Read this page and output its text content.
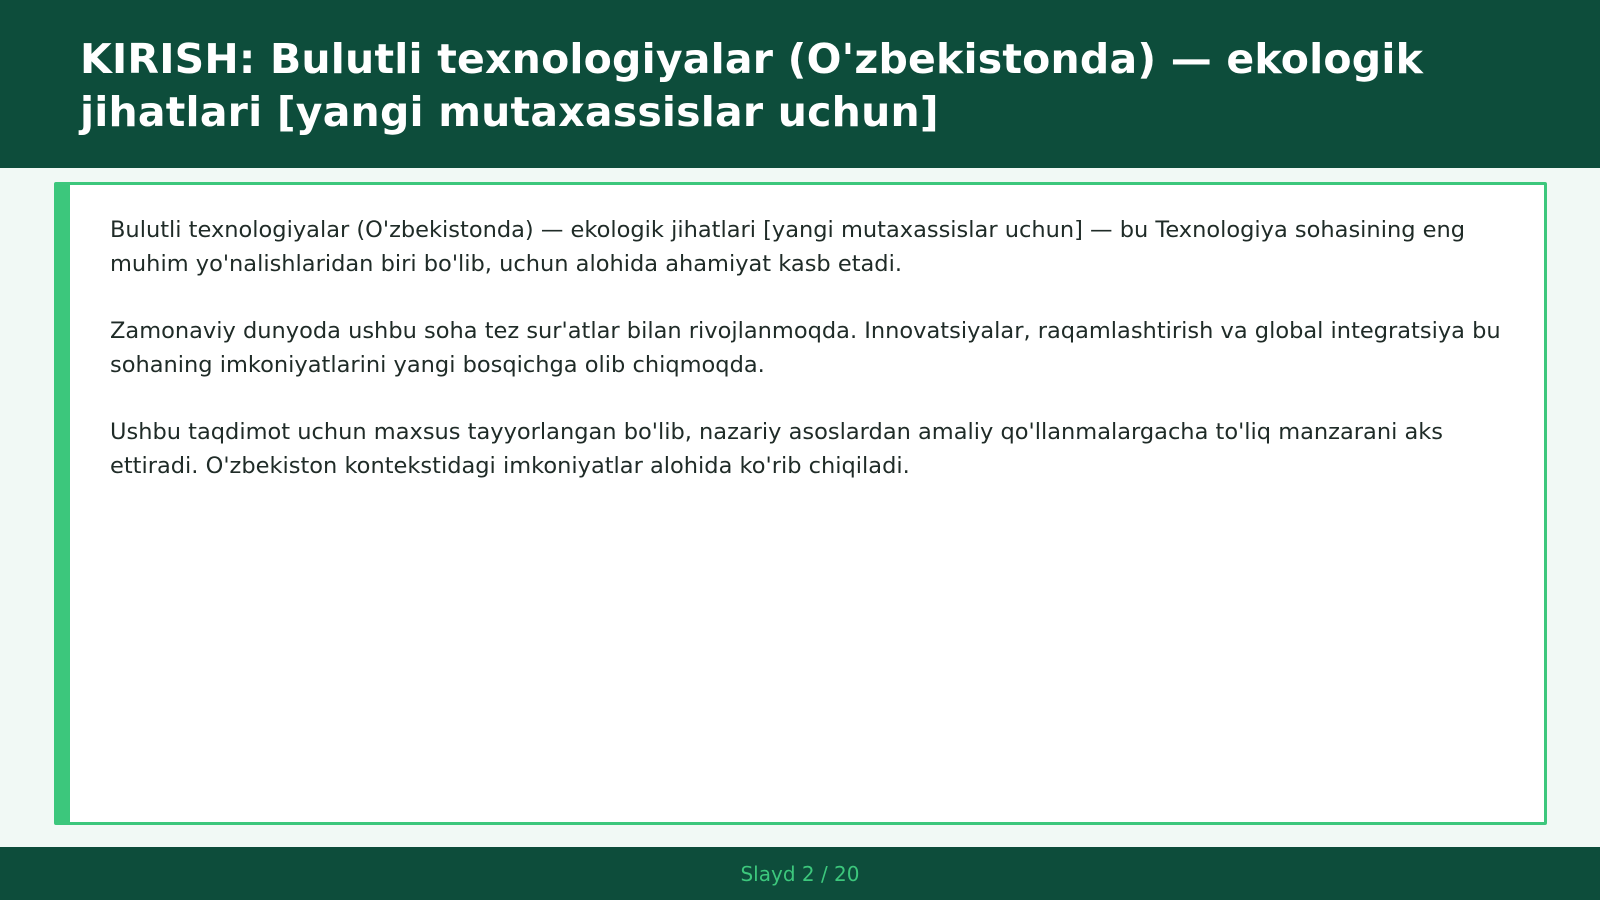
KIRISH: Bulutli texnologiyalar (O'zbekistonda) — ekologik jihatlari [yangi mutaxassislar uchun]

Bulutli texnologiyalar (O'zbekistonda) — ekologik jihatlari [yangi mutaxassislar uchun] — bu Texnologiya sohasining eng muhim yo'nalishlaridan biri bo'lib, uchun alohida ahamiyat kasb etadi.

Zamonaviy dunyoda ushbu soha tez sur'atlar bilan rivojlanmoqda. Innovatsiyalar, raqamlashtirish va global integratsiya bu sohaning imkoniyatlarini yangi bosqichga olib chiqmoqda.

Ushbu taqdimot uchun maxsus tayyorlangan bo'lib, nazariy asoslardan amaliy qo'llanmalargacha to'liq manzarani aks ettiradi. O'zbekiston kontekstidagi imkoniyatlar alohida ko'rib chiqiladi.

Slayd 2 / 20
